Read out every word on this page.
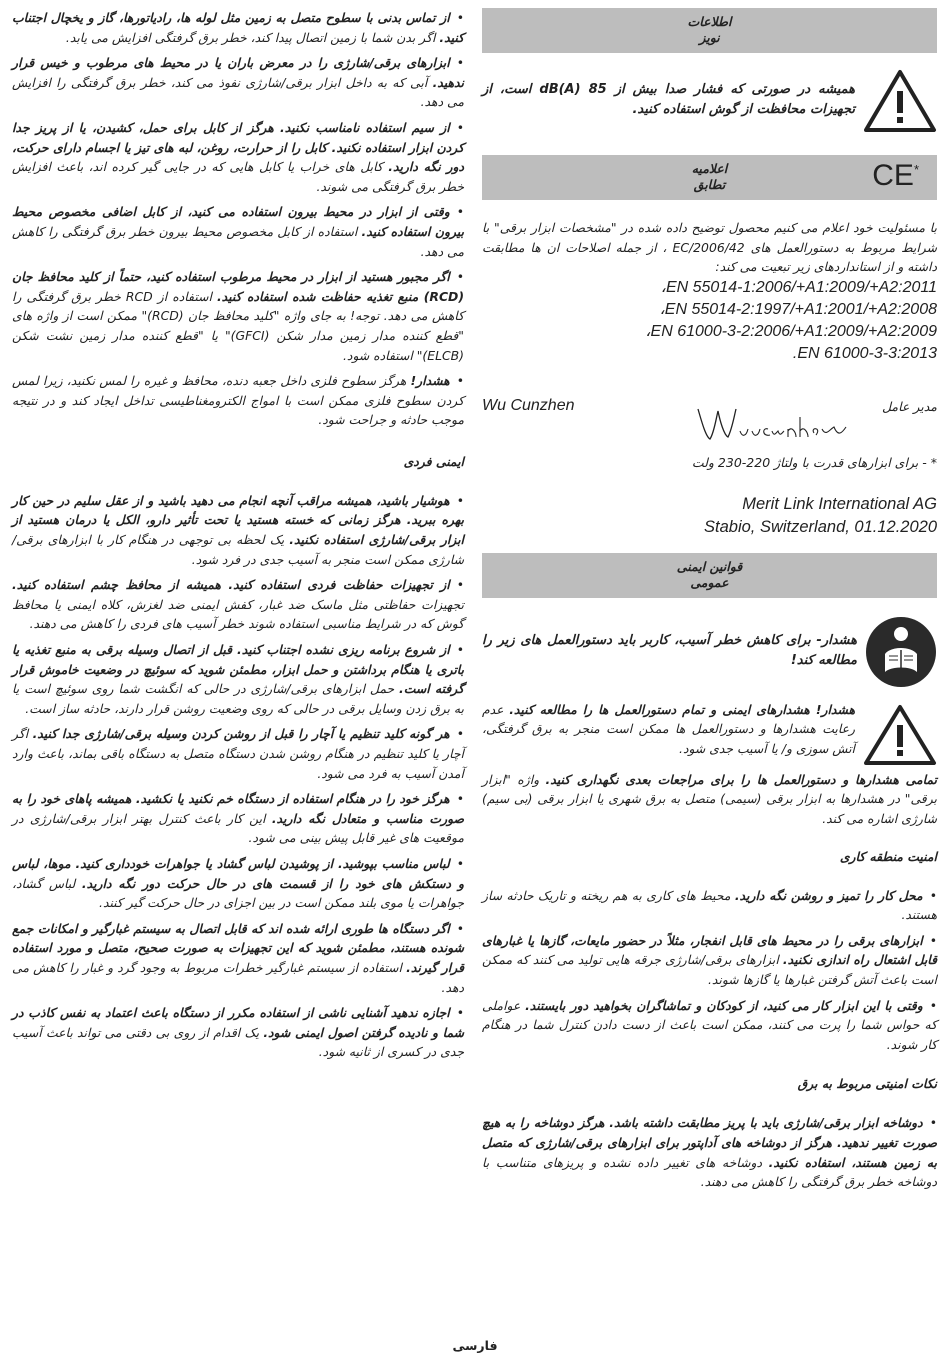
اطلاعات
نویز
همیشه در صورتی که فشار صدا بیش از 85 dB(A) است، از تجهیزات محافظت از گوش استفاده کنید.
اعلامیه
تطابق	CE*
با مسئولیت خود اعلام می کنیم محصول توضیح داده شده در "مشخصات ابزار برقی" با شرایط مربوط به دستورالعمل های 2006/42/EC ، از جمله اصلاحات ان ها مطابقت داشته و از استانداردهای زیر تبعیت می کند:
EN 55014-1:2006/+A1:2009/+A2:2011،
EN 55014-2:1997/+A1:2001/+A2:2008،
EN 61000-3-2:2006/+A1:2009/+A2:2009،
EN 61000-3-3:2013.
مدیر عامل
Wu Cunzhen
* - برای ابزارهای قدرت با ولتاژ 220-230 ولت
Merit Link International AG
Stabio, Switzerland, 01.12.2020
قوانین ایمنی
عمومی
هشدار- برای کاهش خطر آسیب، کاربر باید دستورالعمل های زیر را مطالعه کند!
هشدار! هشدارهای ایمنی و تمام دستورالعمل ها را مطالعه کنید. عدم رعایت هشدارها و دستورالعمل ها ممکن است منجر به برق گرفتگی، آتش سوزی و/ یا آسیب جدی شود.
تمامی هشدارها و دستورالعمل ها را برای مراجعات بعدی نگهداری کنید. واژه "ابزار برقی" در هشدارها به ابزار برقی (سیمی) متصل به برق شهری یا ابزار برقی (بی سیم) شارژی اشاره می کند.
امنیت منطقه کاری
• محل کار را تمیز و روشن نگه دارید. محیط های کاری به هم ریخته و تاریک حادثه ساز هستند.
• ابزارهای برقی را در محیط های قابل انفجار، مثلاً در حضور مایعات، گازها یا غبارهای قابل اشتعال راه اندازی نکنید. ابزارهای برقی/شارژی جرقه هایی تولید می کنند که ممکن است باعث آتش گرفتن غبارها یا گازها شوند.
• وقتی با این ابزار کار می کنید، از کودکان و تماشاگران بخواهید دور بایستند. عواملی که حواس شما را پرت می کنند، ممکن است باعث از دست دادن کنترل شما در هنگام کار شوند.
نکات امنیتی مربوط به برق
• دوشاخه ابزار برقی/شارژی باید با پریز مطابقت داشته باشد. هرگز دوشاخه را به هیچ صورت تغییر ندهید. هرگز از دوشاخه های آداپتور برای ابزارهای برقی/شارژی که متصل به زمین هستند، استفاده نکنید. دوشاخه های تغییر داده نشده و پریزهای متناسب با دوشاخه خطر برق گرفتگی را کاهش می دهند.
• از تماس بدنی با سطوح متصل به زمین مثل لوله ها، رادیاتورها، گاز و یخچال اجتناب کنید. اگر بدن شما با زمین اتصال پیدا کند، خطر برق گرفتگی افزایش می یابد.
• ابزارهای برقی/شارژی را در معرض باران یا در محیط های مرطوب و خیس قرار ندهید. آبی که به داخل ابزار برقی/شارژی نفوذ می کند، خطر برق گرفتگی را افزایش می دهد.
• از سیم استفاده نامناسب نکنید. هرگز از کابل برای حمل، کشیدن، یا از پریز جدا کردن ابزار استفاده نکنید. کابل را از حرارت، روغن، لبه های تیز یا اجسام دارای حرکت، دور نگه دارید. کابل های خراب یا کابل هایی که در جایی گیر کرده اند، باعث افزایش خطر برق گرفتگی می شوند.
• وقتی از ابزار در محیط بیرون استفاده می کنید، از کابل اضافی مخصوص محیط بیرون استفاده کنید. استفاده از کابل مخصوص محیط بیرون خطر برق گرفتگی را کاهش می دهد.
• اگر مجبور هستید از ابزار در محیط مرطوب استفاده کنید، حتماً از کلید محافظ جان (RCD) منبع تغذیه حفاظت شده استفاده کنید. استفاده از RCD خطر برق گرفتگی را کاهش می دهد. توجه! به جای واژه "کلید محافظ جان (RCD)" ممکن است از واژه های "قطع کننده مدار زمین مدار شکن (GFCI)" یا "قطع کننده مدار زمین نشت شکن (ELCB)" استفاده شود.
• هشدار! هرگز سطوح فلزی داخل جعبه دنده، محافظ و غیره را لمس نکنید، زیرا لمس کردن سطوح فلزی ممکن است با امواج الکترومغناطیسی تداخل ایجاد کند و در نتیجه موجب حادثه و جراحت شود.
ایمنی فردی
• هوشیار باشید، همیشه مراقب آنچه انجام می دهید باشید و از عقل سلیم در حین کار بهره ببرید. هرگز زمانی که خسته هستید یا تحت تأثیر دارو، الکل یا درمان هستید از ابزار برقی/شارژی استفاده نکنید. یک لحظه بی توجهی در هنگام کار با ابزارهای برقی/شارژی ممکن است منجر به آسیب جدی در فرد شود.
• از تجهیزات حفاظت فردی استفاده کنید. همیشه از محافظ چشم استفاده کنید. تجهیزات حفاظتی مثل ماسک ضد غبار، کفش ایمنی ضد لغزش، کلاه ایمنی یا محافظ گوش که در شرایط مناسبی استفاده شوند خطر آسیب های فردی را کاهش می دهند.
• از شروع برنامه ریزی نشده اجتناب کنید. قبل از اتصال وسیله برقی به منبع تغذیه یا باتری یا هنگام برداشتن و حمل ابزار، مطمئن شوید که سوئیچ در وضعیت خاموش قرار گرفته است. حمل ابزارهای برقی/شارژی در حالی که انگشت شما روی سوئیچ است یا به برق زدن وسایل برقی در حالی که روی وضعیت روشن قرار دارند، حادثه ساز است.
• هر گونه کلید تنظیم یا آچار را قبل از روشن کردن وسیله برقی/شارژی جدا کنید. اگر آچار یا کلید تنظیم در هنگام روشن شدن دستگاه متصل به دستگاه باقی بماند، باعث وارد آمدن آسیب به فرد می شود.
• هرگز خود را در هنگام استفاده از دستگاه خم نکنید یا نکشید. همیشه پاهای خود را به صورت مناسب و متعادل نگه دارید. این کار باعث کنترل بهتر ابزار برقی/شارژی در موقعیت های غیر قابل پیش بینی می شود.
• لباس مناسب بپوشید. از پوشیدن لباس گشاد یا جواهرات خودداری کنید. موها، لباس و دستکش های خود را از قسمت های در حال حرکت دور نگه دارید. لباس گشاد، جواهرات یا موی بلند ممکن است در بین اجزای در حال حرکت گیر کنند.
• اگر دستگاه ها طوری ارائه شده اند که قابل اتصال به سیستم غبارگیر و امکانات جمع شونده هستند، مطمئن شوید که این تجهیزات به صورت صحیح، متصل و مورد استفاده قرار گیرند. استفاده از سیستم غبارگیر خطرات مربوط به وجود گرد و غبار را کاهش می دهد.
• اجازه ندهید آشنایی ناشی از استفاده مکرر از دستگاه باعث اعتماد به نفس کاذب در شما و نادیده گرفتن اصول ایمنی شود. یک اقدام از روی بی دقتی می تواند باعث آسیب جدی در کسری از ثانیه شود.
فارسی
